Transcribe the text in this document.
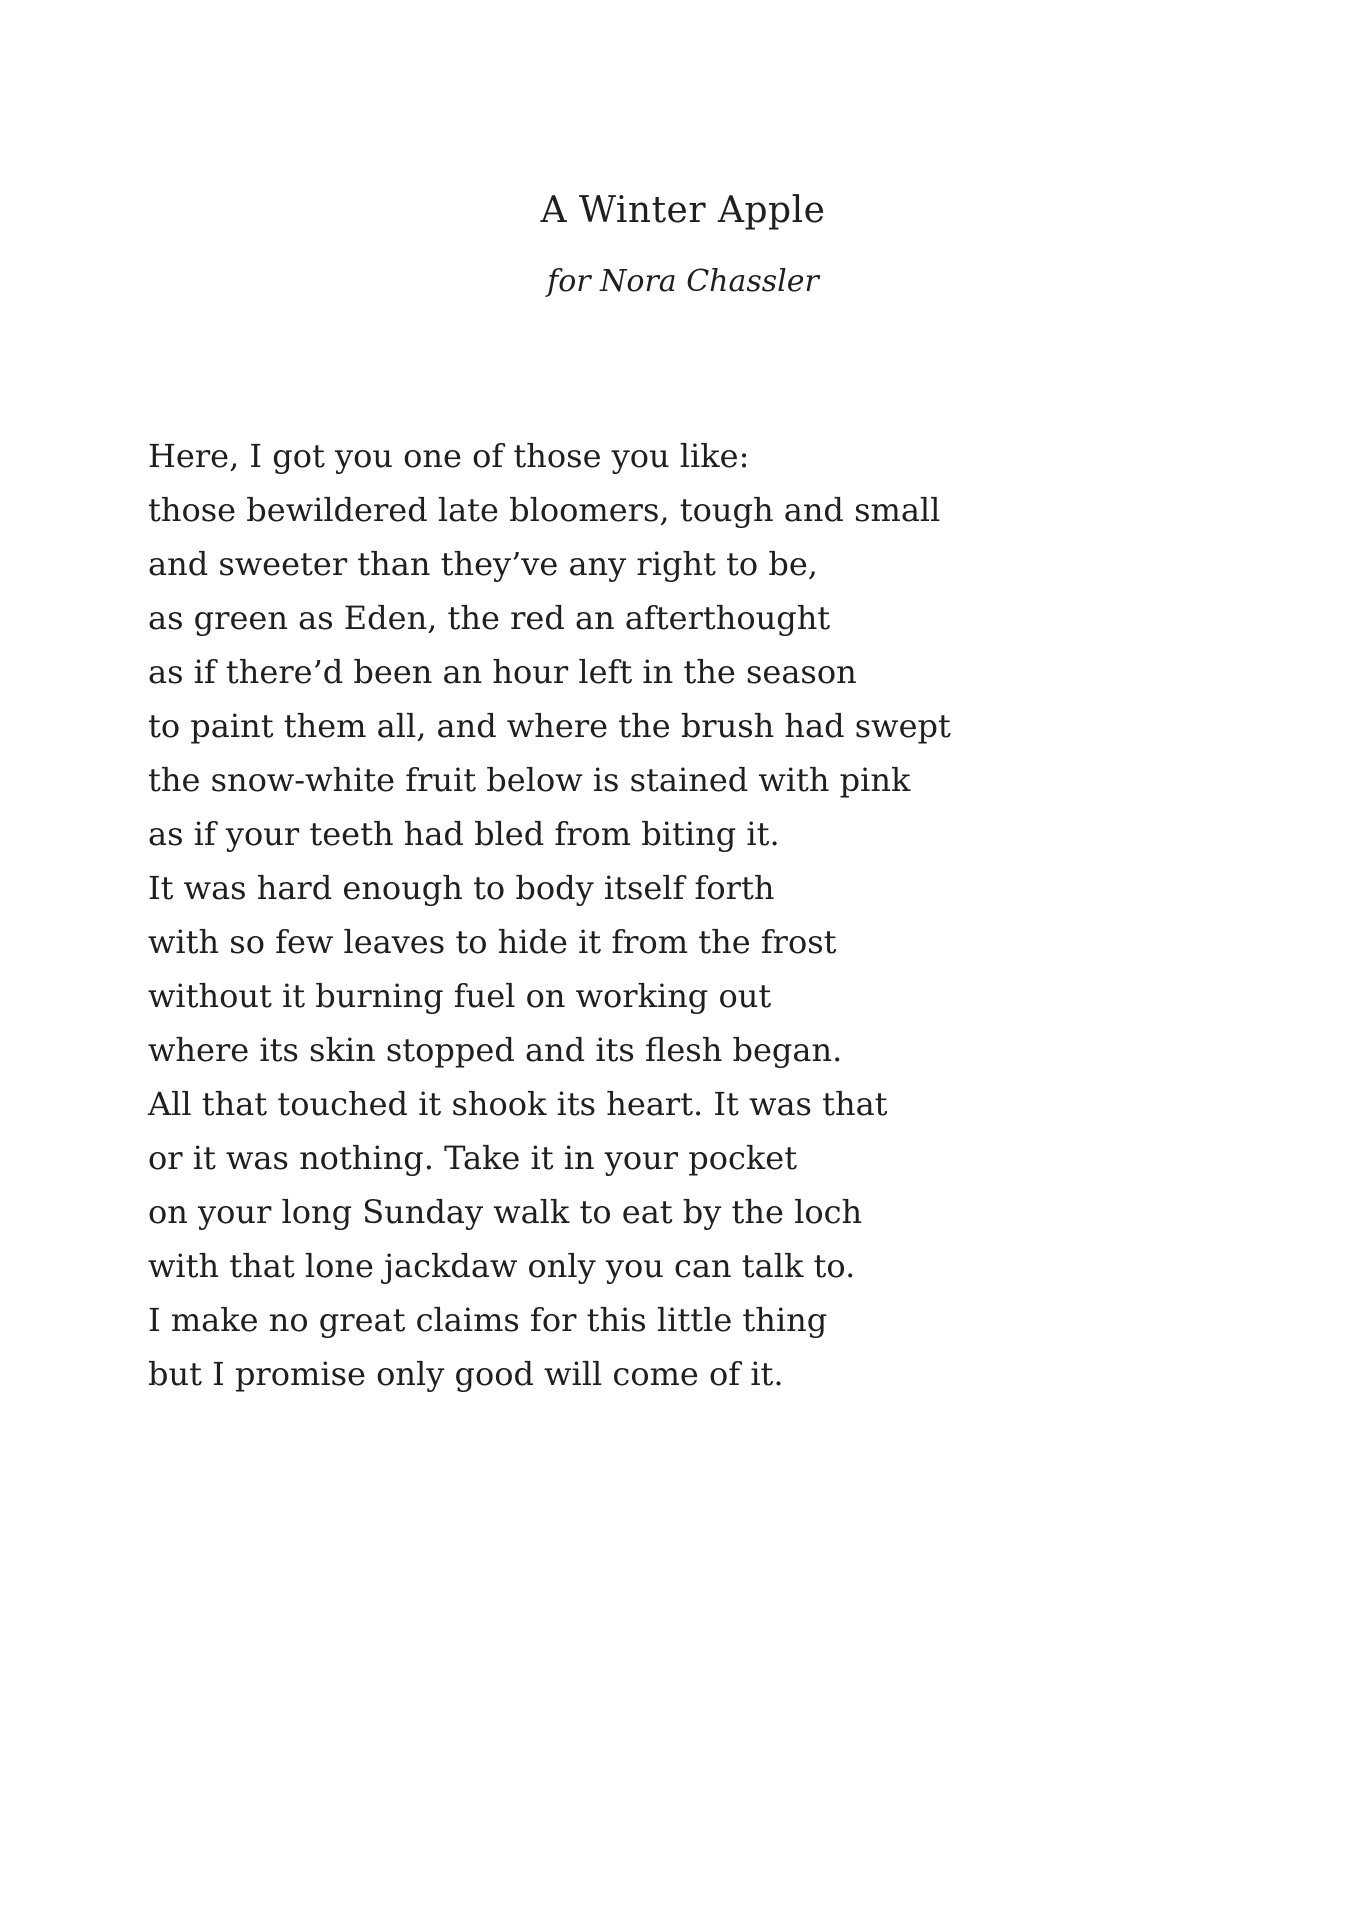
A Winter Apple
for Nora Chassler
Here, I got you one of those you like:
those bewildered late bloomers, tough and small
and sweeter than they’ve any right to be,
as green as Eden, the red an afterthought
as if there’d been an hour left in the season
to paint them all, and where the brush had swept
the snow-white fruit below is stained with pink
as if your teeth had bled from biting it.
It was hard enough to body itself forth
with so few leaves to hide it from the frost
without it burning fuel on working out
where its skin stopped and its flesh began.
All that touched it shook its heart. It was that
or it was nothing. Take it in your pocket
on your long Sunday walk to eat by the loch
with that lone jackdaw only you can talk to.
I make no great claims for this little thing
but I promise only good will come of it.
